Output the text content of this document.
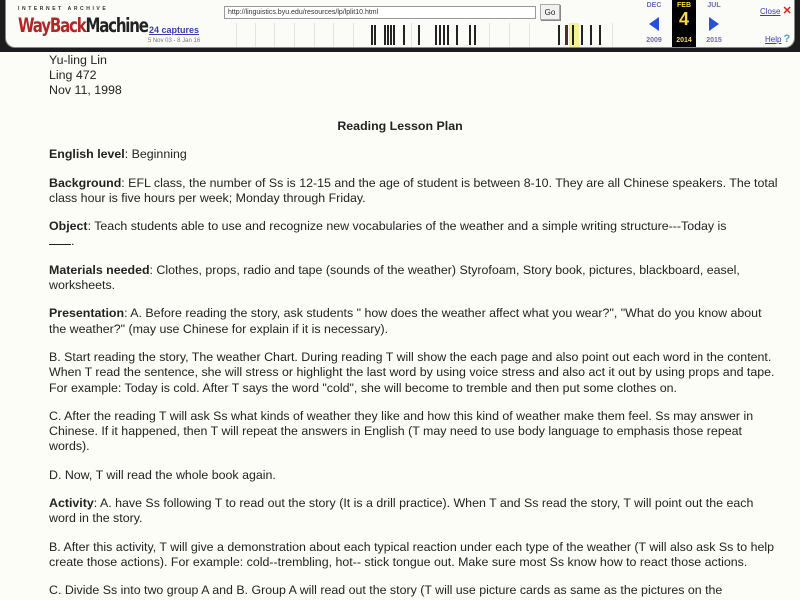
INTERNET ARCHIVE
WayBack Machine 24 captures
5 Nov 03 - 8 Jan 16
http://linguistics.byu.edu/resources/lp/lplit10.html	Go
DEC
2009
FEB
4
2014
JUL
2015
Close ✕
Help ?
Yu-ling Lin
Ling 472
Nov 11, 1998
Reading Lesson Plan

English level: Beginning

Background: EFL class, the number of Ss is 12-15 and the age of student is between 8-10. They are all Chinese speakers. The total class hour is five hours per week; Monday through Friday.

Object: Teach students able to use and recognize new vocabularies of the weather and a simple writing structure---Today is
.

Materials needed: Clothes, props, radio and tape (sounds of the weather) Styrofoam, Story book, pictures, blackboard, easel, worksheets.

Presentation: A. Before reading the story, ask students " how does the weather affect what you wear?", "What do you know about the weather?" (may use Chinese for explain if it is necessary).

B. Start reading the story, The weather Chart. During reading T will show the each page and also point out each word in the content. When T read the sentence, she will stress or highlight the last word by using voice stress and also act it out by using props and tape. For example: Today is cold. After T says the word "cold", she will become to tremble and then put some clothes on.

C. After the reading T will ask Ss what kinds of weather they like and how this kind of weather make them feel. Ss may answer in Chinese. If it happened, then T will repeat the answers in English (T may need to use body language to emphasis those repeat words).

D. Now, T will read the whole book again.

Activity: A. have Ss following T to read out the story (It is a drill practice). When T and Ss read the story, T will point out the each word in the story.

B. After this activity, T will give a demonstration about each typical reaction under each type of the weather (T will also ask Ss to help create those actions). For example: cold--trembling, hot-- stick tongue out. Make sure most Ss know how to react those actions.

C. Divide Ss into two group A and B. Group A will read out the story (T will use picture cards as same as the pictures on the
